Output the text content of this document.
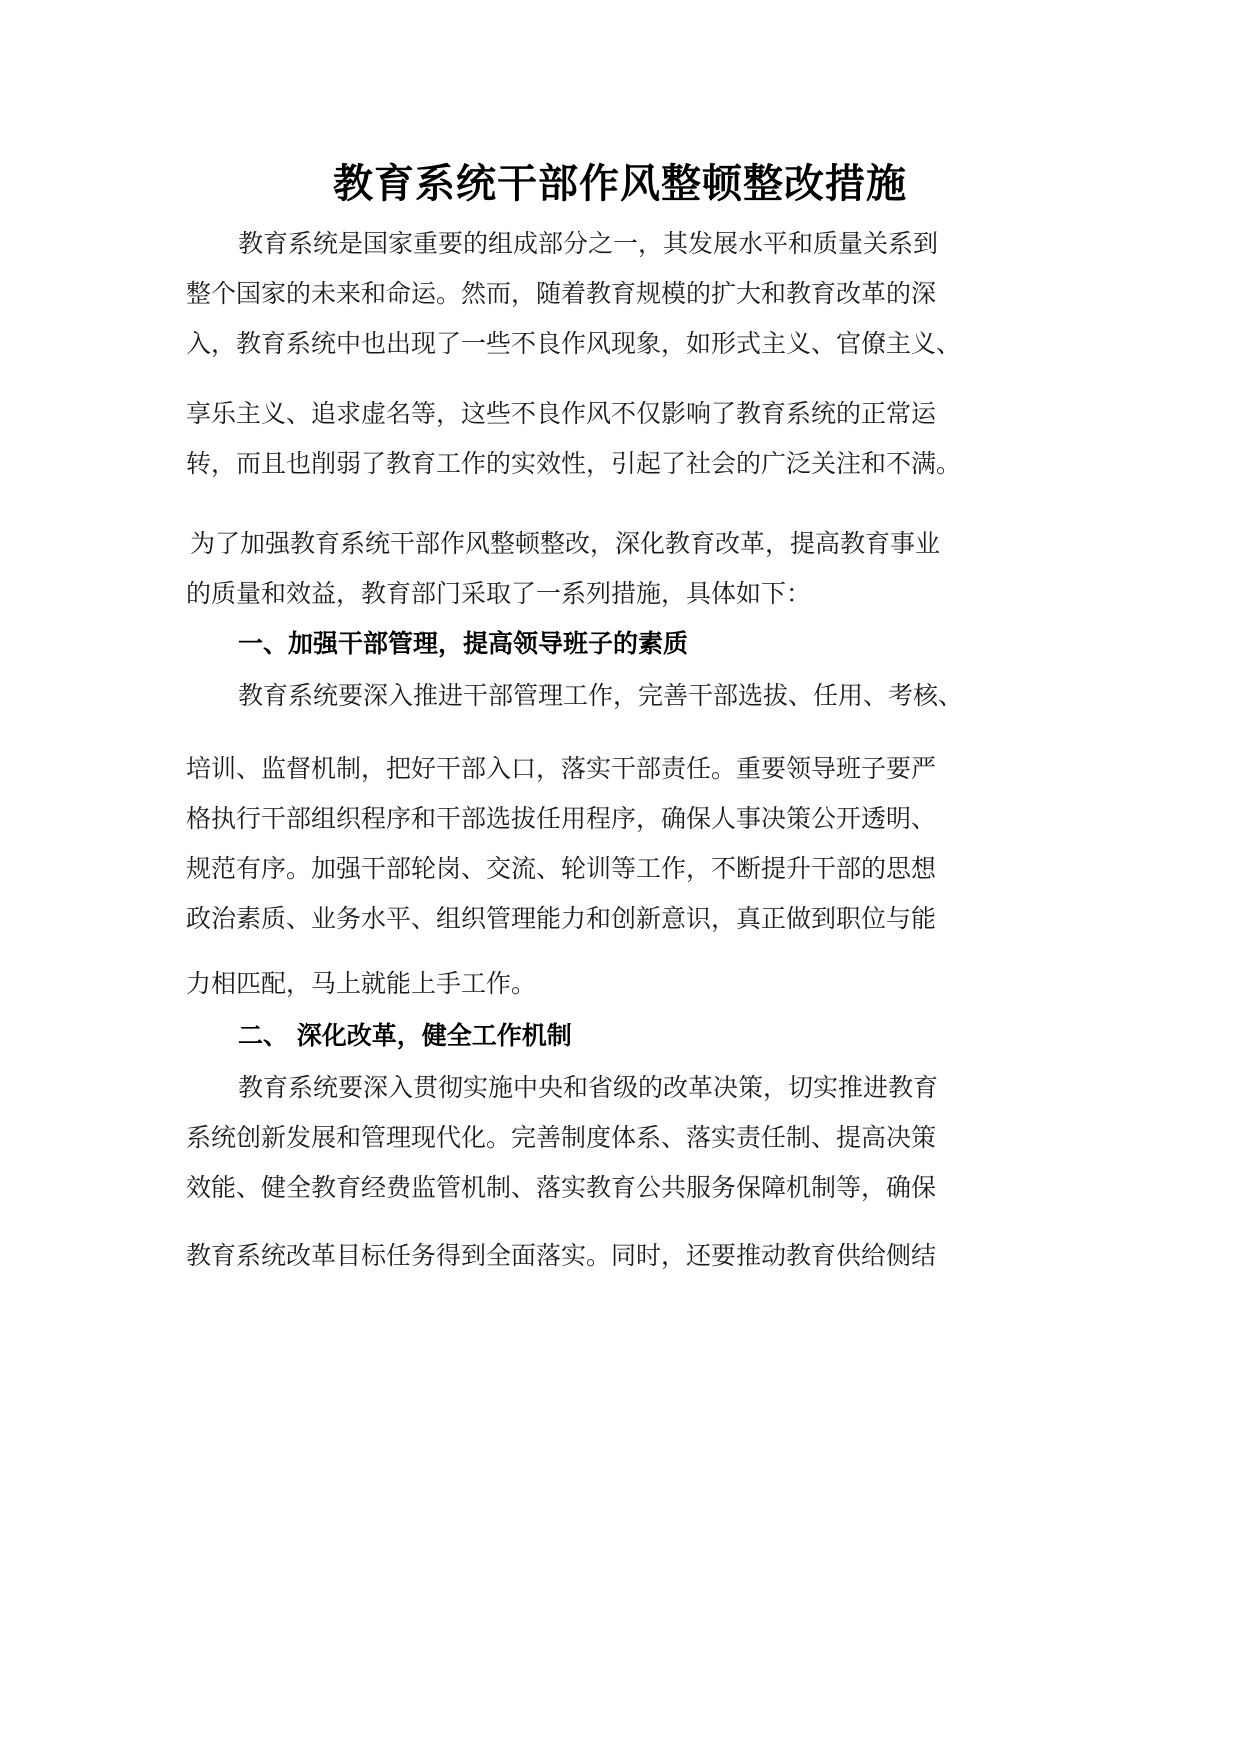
教育系统干部作风整顿整改措施
教育系统是国家重要的组成部分之一，其发展水平和质量关系到
整个国家的未来和命运。然而，随着教育规模的扩大和教育改革的深
入，教育系统中也出现了一些不良作风现象，如形式主义、官僚主义、
享乐主义、追求虚名等，这些不良作风不仅影响了教育系统的正常运
转，而且也削弱了教育工作的实效性，引起了社会的广泛关注和不满。
为了加强教育系统干部作风整顿整改，深化教育改革，提高教育事业
的质量和效益，教育部门采取了一系列措施，具体如下：
一、加强干部管理，提高领导班子的素质
教育系统要深入推进干部管理工作，完善干部选拔、任用、考核、
培训、监督机制，把好干部入口，落实干部责任。重要领导班子要严
格执行干部组织程序和干部选拔任用程序，确保人事决策公开透明、
规范有序。加强干部轮岗、交流、轮训等工作，不断提升干部的思想
政治素质、业务水平、组织管理能力和创新意识，真正做到职位与能
力相匹配，马上就能上手工作。
二、 深化改革，健全工作机制
教育系统要深入贯彻实施中央和省级的改革决策，切实推进教育
系统创新发展和管理现代化。完善制度体系、落实责任制、提高决策
效能、健全教育经费监管机制、落实教育公共服务保障机制等，确保
教育系统改革目标任务得到全面落实。同时，还要推动教育供给侧结
